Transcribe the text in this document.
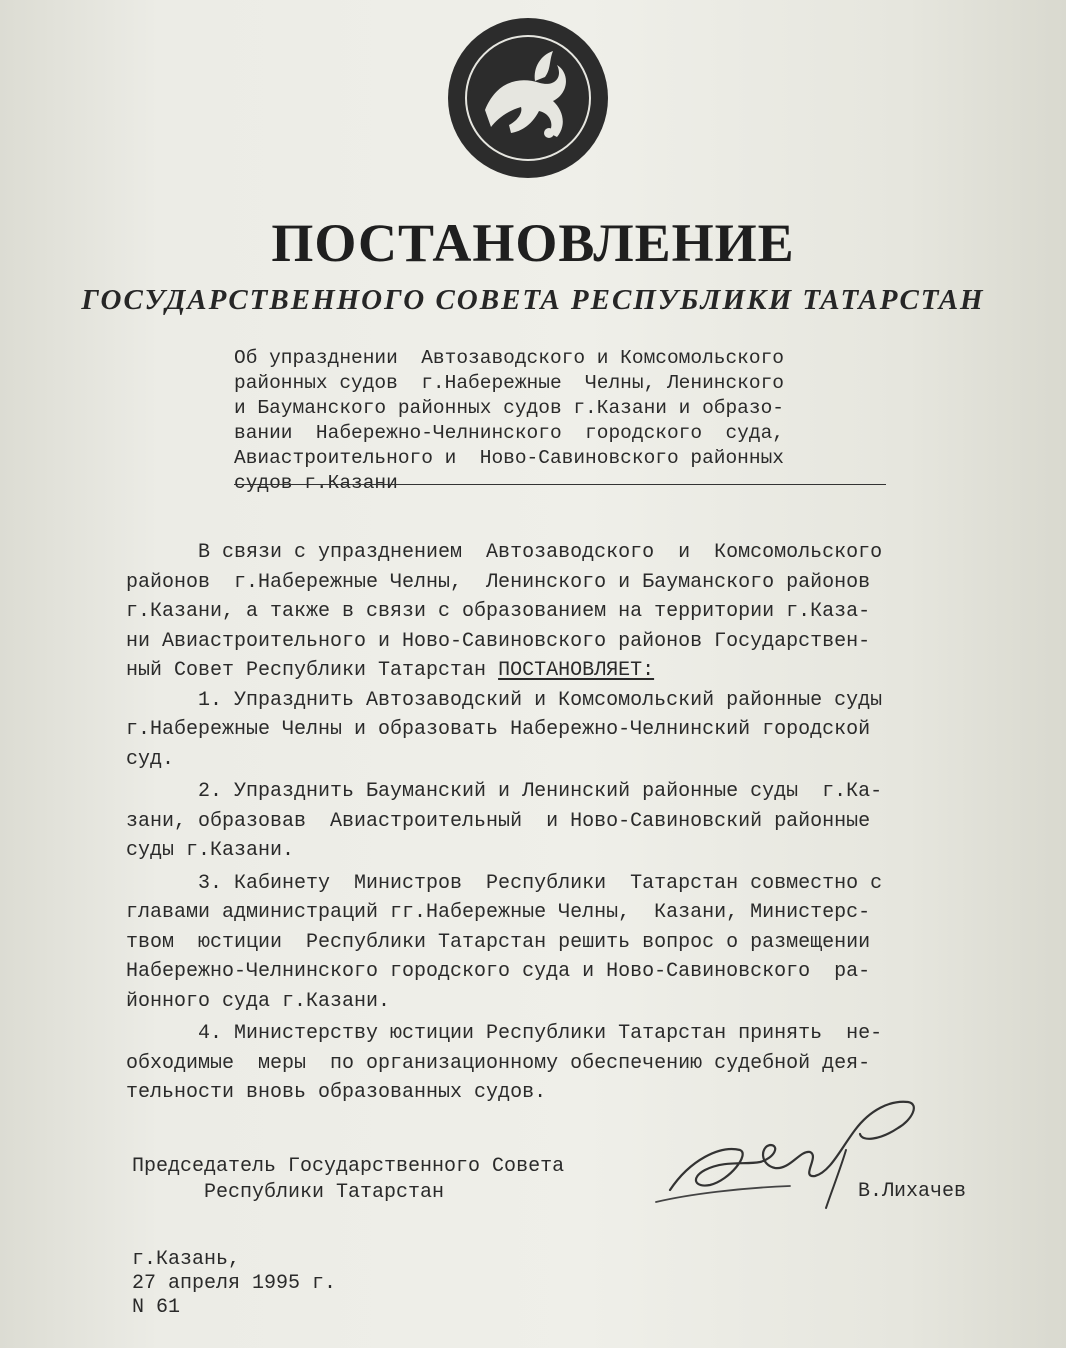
ПОСТАНОВЛЕНИЕ
ГОСУДАРСТВЕННОГО СОВЕТА РЕСПУБЛИКИ ТАТАРСТАН
Об упразднении  Автозаводского и Комсомольского
районных судов  г.Набережные  Челны, Ленинского
и Бауманского районных судов г.Казани и образо-
вании  Набережно-Челнинского  городского  суда,
Авиастроительного и  Ново-Савиновского районных
судов г.Казани
В связи с упразднением  Автозаводского  и  Комсомольского
районов  г.Набережные Челны,  Ленинского и Бауманского районов
г.Казани, а также в связи с образованием на территории г.Каза-
ни Авиастроительного и Ново-Савиновского районов Государствен-
ный Совет Республики Татарстан ПОСТАНОВЛЯЕТ:
1. Упразднить Автозаводский и Комсомольский районные суды
г.Набережные Челны и образовать Набережно-Челнинский городской
суд.
2. Упразднить Бауманский и Ленинский районные суды  г.Ка-
зани, образовав  Авиастроительный  и Ново-Савиновский районные
суды г.Казани.
3. Кабинету  Министров  Республики  Татарстан совместно с
главами администраций гг.Набережные Челны,  Казани, Министерс-
твом  юстиции  Республики Татарстан решить вопрос о размещении
Набережно-Челнинского городского суда и Ново-Савиновского  ра-
йонного суда г.Казани.
4. Министерству юстиции Республики Татарстан принять  не-
обходимые  меры  по организационному обеспечению судебной дея-
тельности вновь образованных судов.
Председатель Государственного Совета
Республики Татарстан	В.Лихачев
г.Казань,
27 апреля 1995 г.
N 61
